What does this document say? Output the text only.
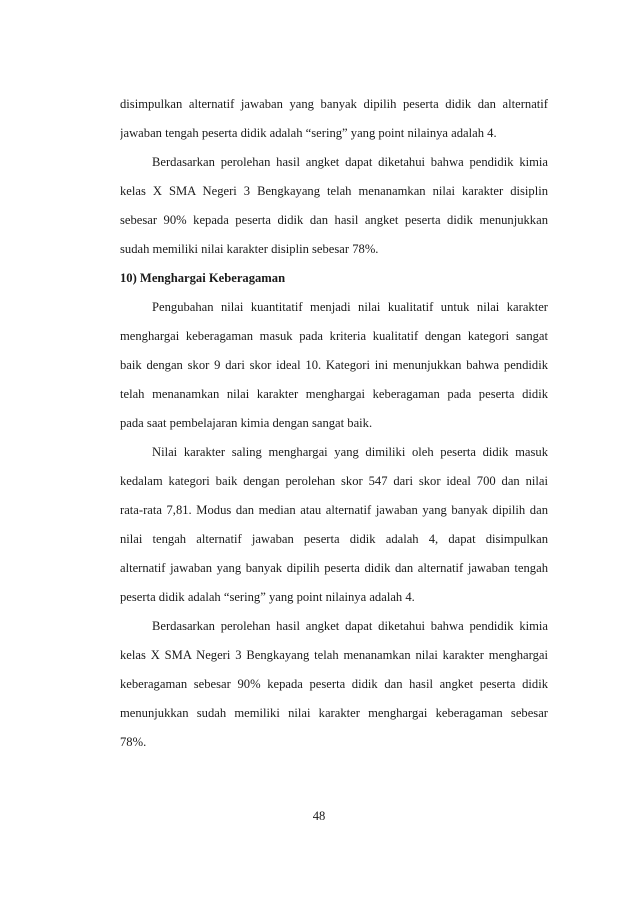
disimpulkan alternatif jawaban yang banyak dipilih peserta didik dan alternatif
jawaban tengah peserta didik adalah “sering” yang point nilainya adalah 4.
Berdasarkan perolehan hasil angket dapat diketahui bahwa pendidik kimia
kelas X SMA Negeri 3 Bengkayang telah menanamkan nilai karakter disiplin
sebesar 90% kepada peserta didik dan hasil angket peserta didik menunjukkan
sudah memiliki nilai karakter disiplin sebesar 78%.
10) Menghargai Keberagaman
Pengubahan nilai kuantitatif menjadi nilai kualitatif untuk nilai karakter
menghargai keberagaman masuk pada kriteria kualitatif dengan kategori sangat
baik dengan skor 9 dari skor ideal 10. Kategori ini menunjukkan bahwa pendidik
telah menanamkan nilai karakter menghargai keberagaman pada peserta didik
pada saat pembelajaran kimia dengan sangat baik.
Nilai karakter saling menghargai yang dimiliki oleh peserta didik masuk
kedalam kategori baik dengan perolehan skor 547 dari skor ideal 700 dan nilai
rata-rata 7,81. Modus dan median atau alternatif jawaban yang banyak dipilih dan
nilai tengah alternatif jawaban peserta didik adalah 4, dapat disimpulkan
alternatif jawaban yang banyak dipilih peserta didik dan alternatif jawaban tengah
peserta didik adalah “sering” yang point nilainya adalah 4.
Berdasarkan perolehan hasil angket dapat diketahui bahwa pendidik kimia
kelas X SMA Negeri 3 Bengkayang telah menanamkan nilai karakter menghargai
keberagaman sebesar 90% kepada peserta didik dan hasil angket peserta didik
menunjukkan sudah memiliki nilai karakter menghargai keberagaman sebesar
78%.
48
